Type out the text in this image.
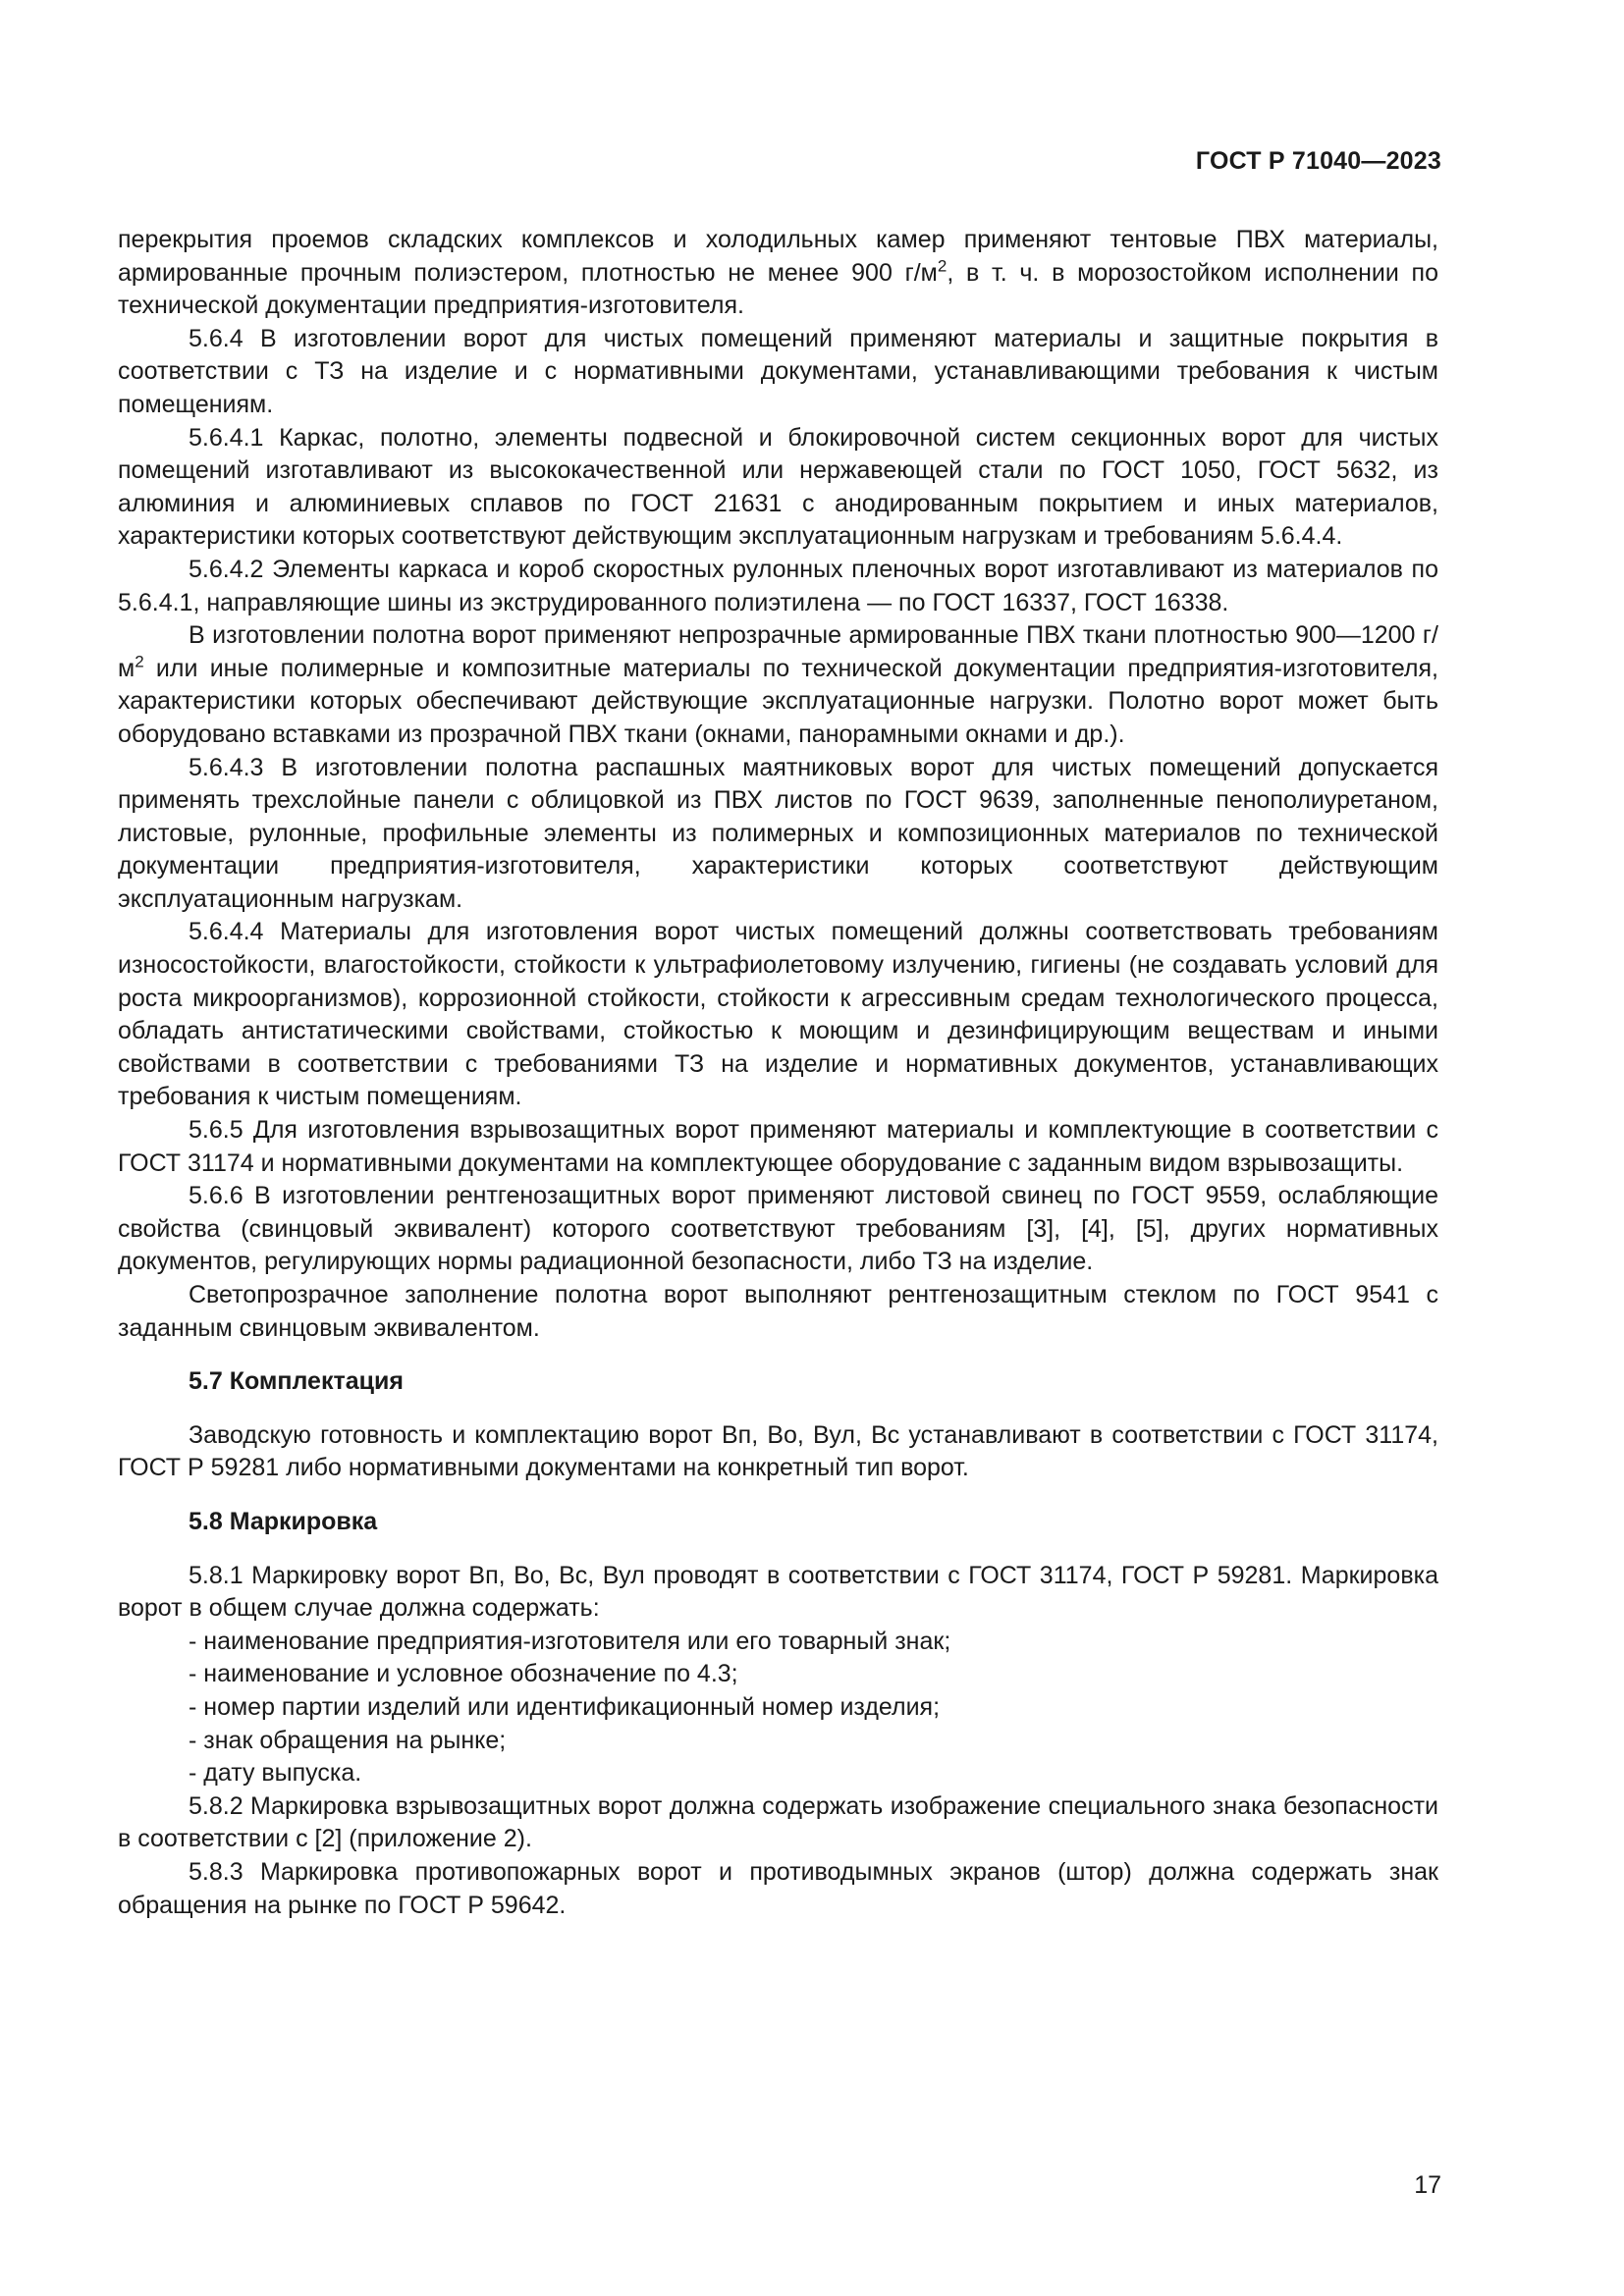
ГОСТ Р 71040—2023

перекрытия проемов складских комплексов и холодильных камер применяют тентовые ПВХ материалы, армированные прочным полиэстером, плотностью не менее 900 $г/м^2$, в т. ч. в морозостойком исполнении по технической документации предприятия-изготовителя.

5.6.4 В изготовлении ворот для чистых помещений применяют материалы и защитные покрытия в соответствии с ТЗ на изделие и с нормативными документами, устанавливающими требования к чистым помещениям.

5.6.4.1 Каркас, полотно, элементы подвесной и блокировочной систем секционных ворот для чистых помещений изготавливают из высококачественной или нержавеющей стали по ГОСТ 1050, ГОСТ 5632, из алюминия и алюминиевых сплавов по ГОСТ 21631 с анодированным покрытием и иных материалов, характеристики которых соответствуют действующим эксплуатационным нагрузкам и требованиям 5.6.4.4.

5.6.4.2 Элементы каркаса и короб скоростных рулонных пленочных ворот изготавливают из материалов по 5.6.4.1, направляющие шины из экструдированного полиэтилена — по ГОСТ 16337, ГОСТ 16338.

В изготовлении полотна ворот применяют непрозрачные армированные ПВХ ткани плотностью 900—1200 $г/м^2$ или иные полимерные и композитные материалы по технической документации предприятия-изготовителя, характеристики которых обеспечивают действующие эксплуатационные нагрузки. Полотно ворот может быть оборудовано вставками из прозрачной ПВХ ткани (окнами, панорамными окнами и др.).

5.6.4.3 В изготовлении полотна распашных маятниковых ворот для чистых помещений допускается применять трехслойные панели с облицовкой из ПВХ листов по ГОСТ 9639, заполненные пенополиуретаном, листовые, рулонные, профильные элементы из полимерных и композиционных материалов по технической документации предприятия-изготовителя, характеристики которых соответствуют действующим эксплуатационным нагрузкам.

5.6.4.4 Материалы для изготовления ворот чистых помещений должны соответствовать требованиям износостойкости, влагостойкости, стойкости к ультрафиолетовому излучению, гигиены (не создавать условий для роста микроорганизмов), коррозионной стойкости, стойкости к агрессивным средам технологического процесса, обладать антистатическими свойствами, стойкостью к моющим и дезинфицирующим веществам и иными свойствами в соответствии с требованиями ТЗ на изделие и нормативных документов, устанавливающих требования к чистым помещениям.

5.6.5 Для изготовления взрывозащитных ворот применяют материалы и комплектующие в соответствии с ГОСТ 31174 и нормативными документами на комплектующее оборудование с заданным видом взрывозащиты.

5.6.6 В изготовлении рентгенозащитных ворот применяют листовой свинец по ГОСТ 9559, ослабляющие свойства (свинцовый эквивалент) которого соответствуют требованиям [3], [4], [5], других нормативных документов, регулирующих нормы радиационной безопасности, либо ТЗ на изделие.

Светопрозрачное заполнение полотна ворот выполняют рентгенозащитным стеклом по ГОСТ 9541 с заданным свинцовым эквивалентом.

5.7 Комплектация

Заводскую готовность и комплектацию ворот Вп, Во, Вул, Вс устанавливают в соответствии с ГОСТ 31174, ГОСТ Р 59281 либо нормативными документами на конкретный тип ворот.

5.8 Маркировка

5.8.1 Маркировку ворот Вп, Во, Вс, Вул проводят в соответствии с ГОСТ 31174, ГОСТ Р 59281. Маркировка ворот в общем случае должна содержать:

- наименование предприятия-изготовителя или его товарный знак;

- наименование и условное обозначение по 4.3;

- номер партии изделий или идентификационный номер изделия;

- знак обращения на рынке;

- дату выпуска.

5.8.2 Маркировка взрывозащитных ворот должна содержать изображение специального знака безопасности в соответствии с [2] (приложение 2).

5.8.3 Маркировка противопожарных ворот и противодымных экранов (штор) должна содержать знак обращения на рынке по ГОСТ Р 59642.

17
